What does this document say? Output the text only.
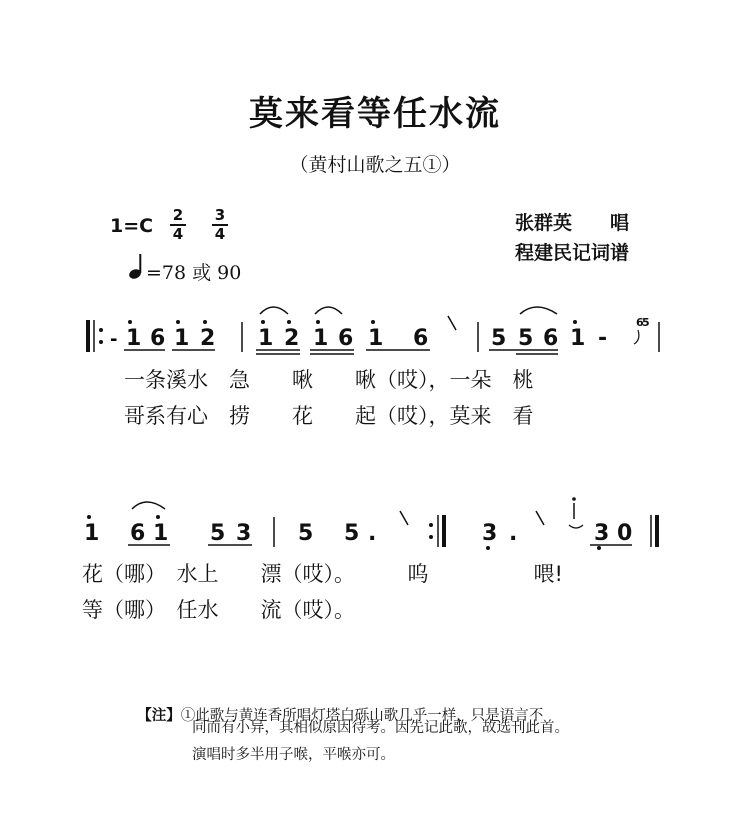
莫来看等任水流
（黄村山歌之五①）
1=C	2
4
3
4
=78 或 90
张群英　　唱
程建民记词谱
- 1 6 1 2 1 2 1 6 1 6	5 5 6 1 -
6
5
一条溪水　急　　啾　　啾（哎），一朵　桃
哥系有心　捞　　花　　起（哎），莫来　看
1 6 1 5 3 5 5 .	3 .	3 0
花（哪）　水上　　漂（哎）。　　　呜　　　　　喂!
等（哪）　任水　　流（哎）。

【注】①此歌与黄连香所唱灯塔白砾山歌几乎一样，只是语言不

同而有小异，其相似原因待考。因先记此歌，故选刊此首。
演唱时多半用子喉，平喉亦可。
